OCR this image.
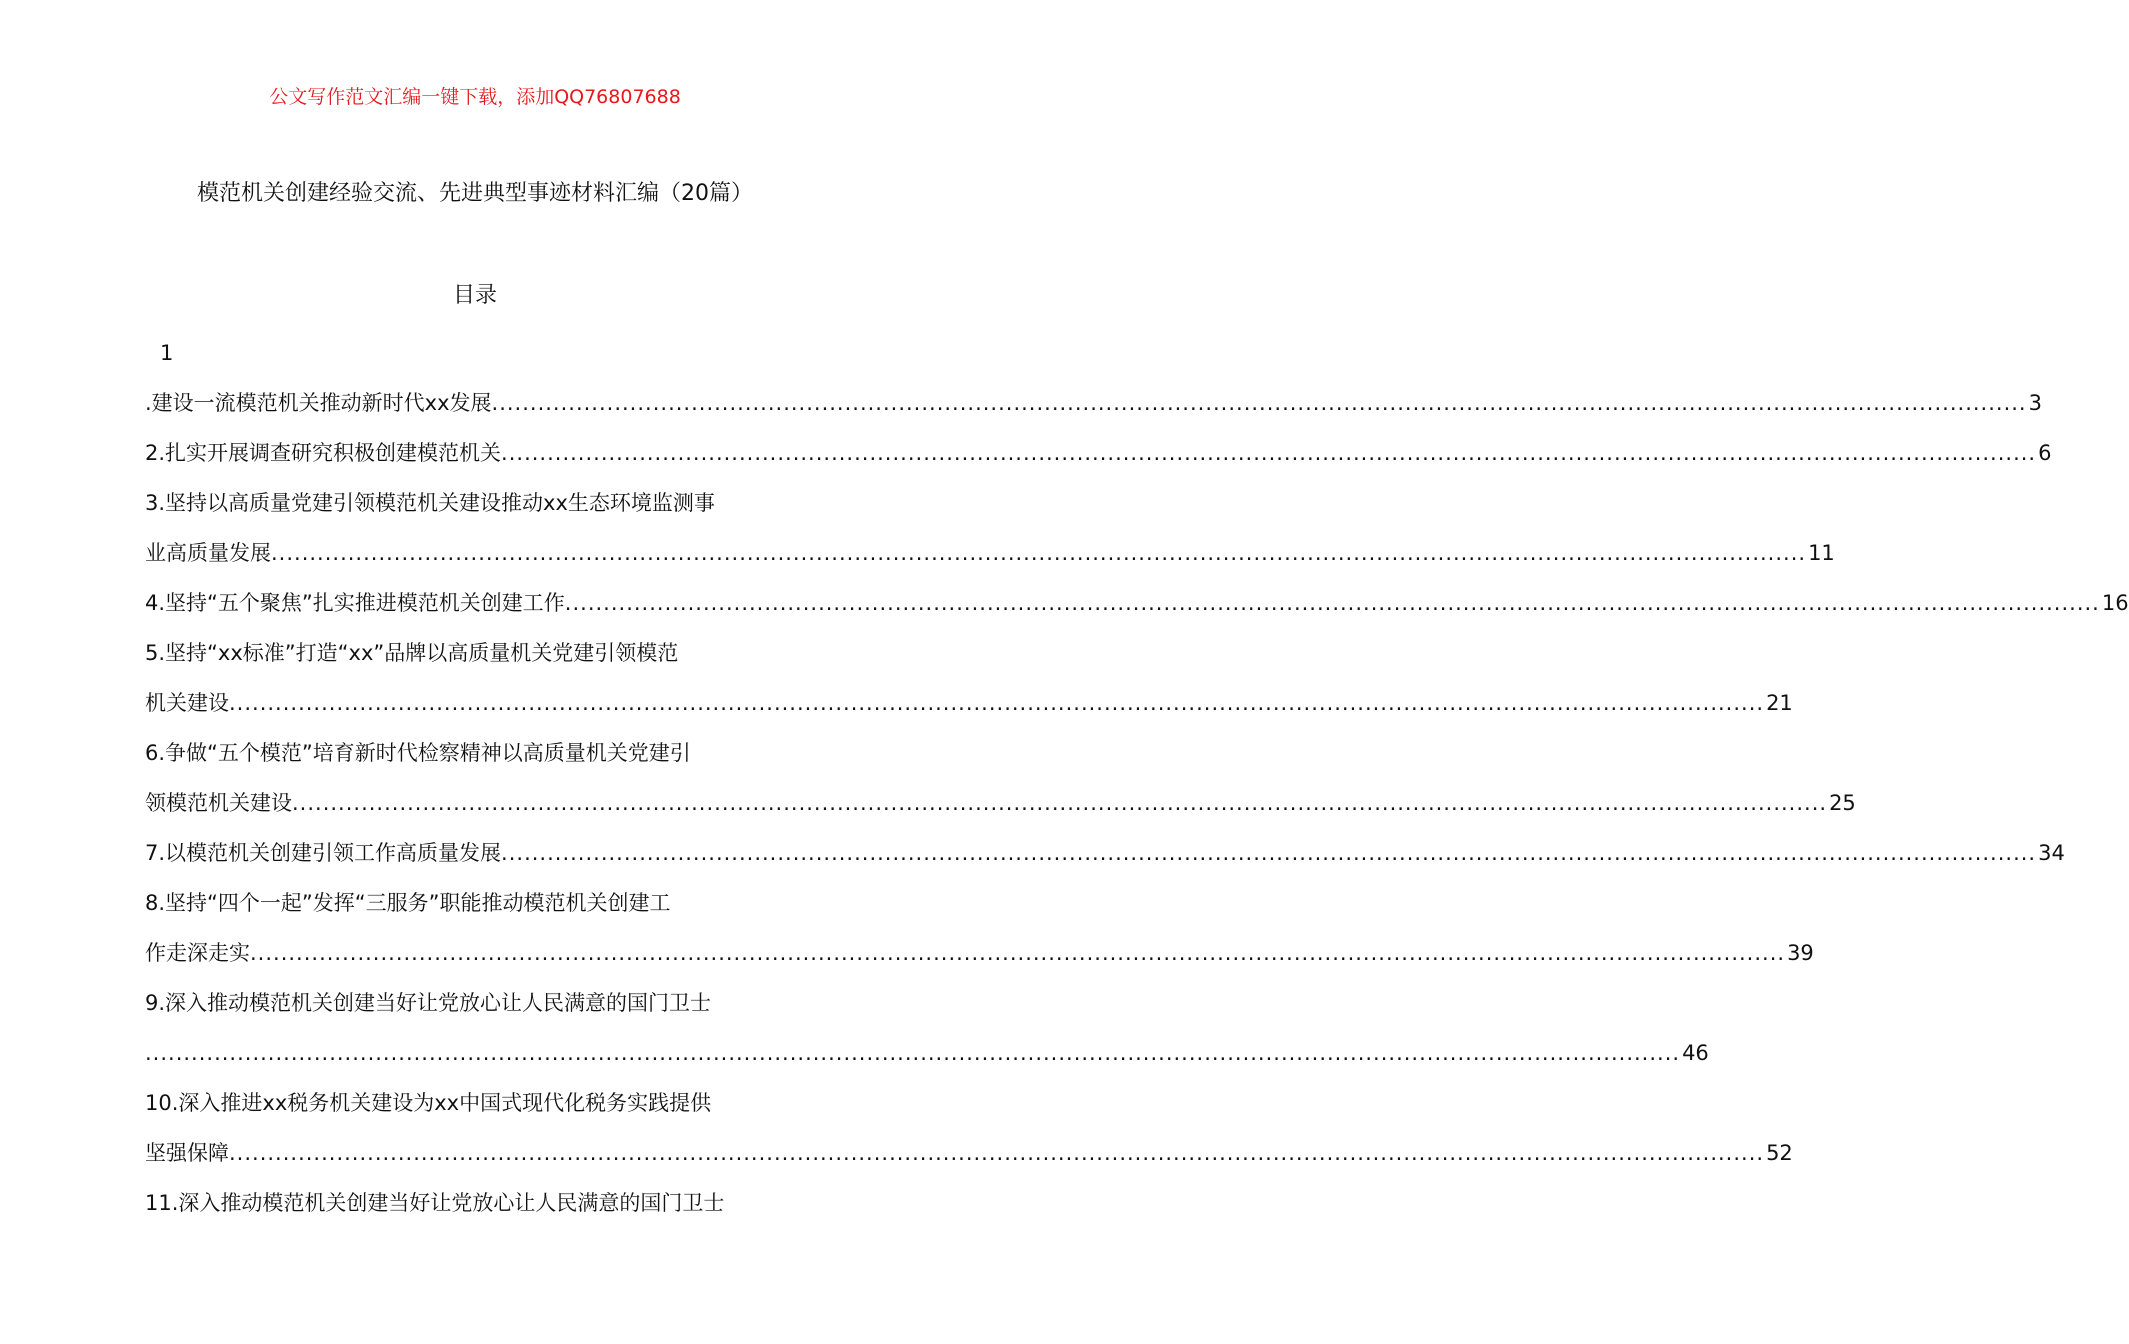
公文写作范文汇编一键下载，添加QQ76807688
模范机关创建经验交流、先进典型事迹材料汇编（20篇）
目录
1
.建设一流模范机关推动新时代xx发展 ........................................................................................................................................................................................................ 3
2.扎实开展调查研究积极创建模范机关 ........................................................................................................................................................................................................ 6
3.坚持以高质量党建引领模范机关建设推动xx生态环境监测事
业高质量发展 ........................................................................................................................................................................................................ 11
4.坚持“五个聚焦”扎实推进模范机关创建工作 ........................................................................................................................................................................................................ 16
5.坚持“xx标准”打造“xx”品牌以高质量机关党建引领模范
机关建设 ........................................................................................................................................................................................................ 21
6.争做“五个模范”培育新时代检察精神以高质量机关党建引
领模范机关建设 ........................................................................................................................................................................................................ 25
7.以模范机关创建引领工作高质量发展 ........................................................................................................................................................................................................ 34
8.坚持“四个一起”发挥“三服务”职能推动模范机关创建工
作走深走实 ........................................................................................................................................................................................................ 39
9.深入推动模范机关创建当好让党放心让人民满意的国门卫士
........................................................................................................................................................................................................ 46
10.深入推进xx税务机关建设为xx中国式现代化税务实践提供
坚强保障 ........................................................................................................................................................................................................ 52
11.深入推动模范机关创建当好让党放心让人民满意的国门卫士
